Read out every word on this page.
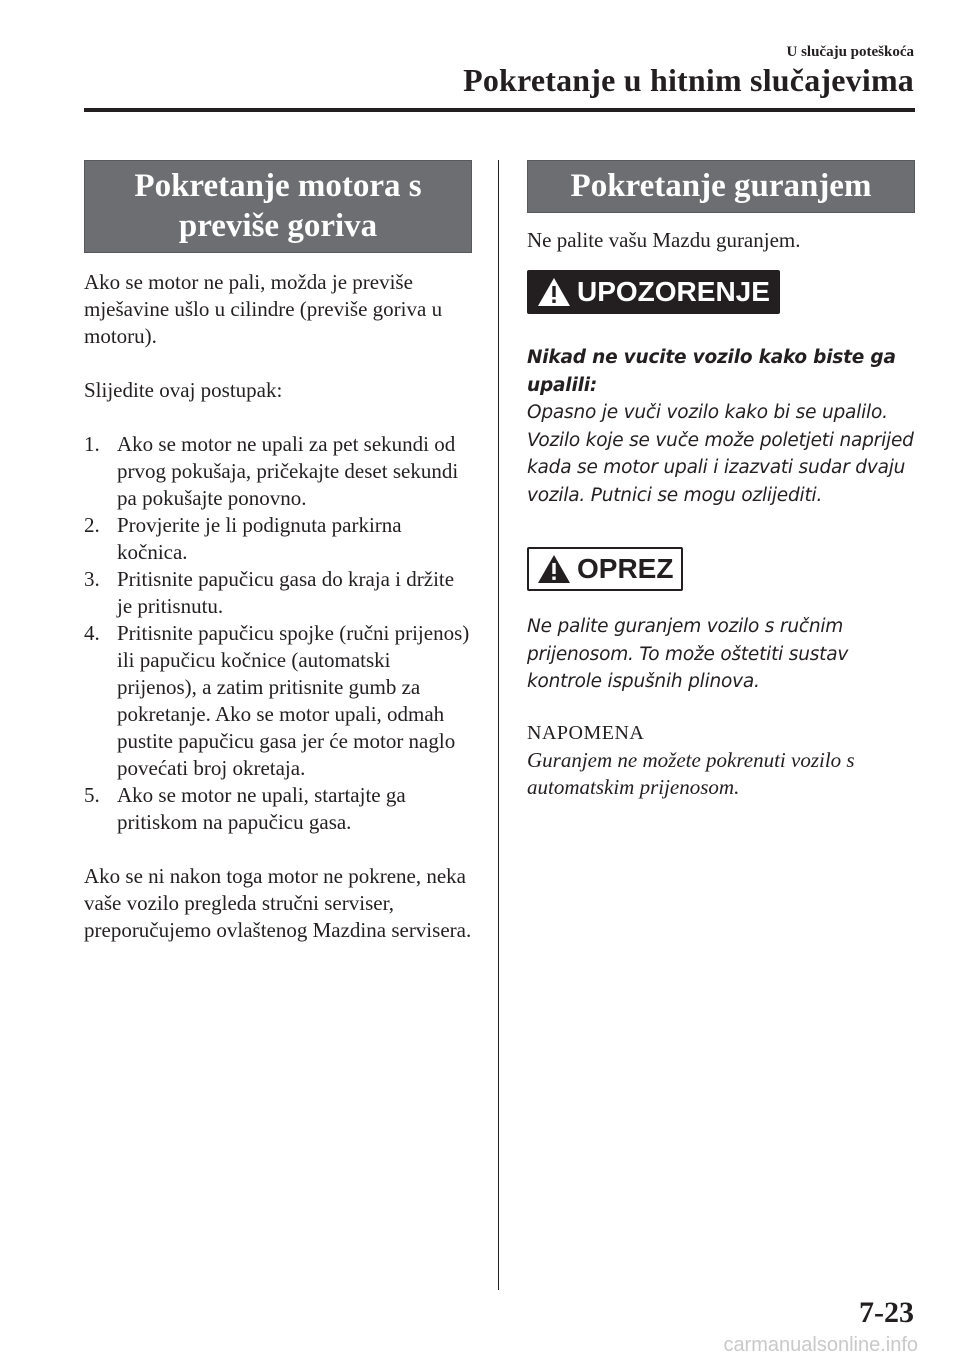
U slučaju poteškoća

Pokretanje u hitnim slučajevima
Pokretanje motora s
previše goriva

Ako se motor ne pali, možda je previše mješavine ušlo u cilindre (previše goriva u motoru).

Slijedite ovaj postupak:

1. Ako se motor ne upali za pet sekundi od prvog pokušaja, pričekajte deset sekundi pa pokušajte ponovno.
2. Provjerite je li podignuta parkirna kočnica.
3. Pritisnite papučicu gasa do kraja i držite je pritisnutu.
4. Pritisnite papučicu spojke (ručni prijenos) ili papučicu kočnice (automatski prijenos), a zatim pritisnite gumb za pokretanje. Ako se motor upali, odmah pustite papučicu gasa jer će motor naglo povećati broj okretaja.
5. Ako se motor ne upali, startajte ga pritiskom na papučicu gasa.

Ako se ni nakon toga motor ne pokrene, neka vaše vozilo pregleda stručni serviser, preporučujemo ovlaštenog Mazdina servisera.

Pokretanje guranjem

Ne palite vašu Mazdu guranjem.

UPOZORENJE

Nikad ne vucite vozilo kako biste ga upalili:
Opasno je vuči vozilo kako bi se upalilo. Vozilo koje se vuče može poletjeti naprijed kada se motor upali i izazvati sudar dvaju vozila. Putnici se mogu ozlijediti.

OPREZ

Ne palite guranjem vozilo s ručnim prijenosom. To može oštetiti sustav kontrole ispušnih plinova.

NAPOMENA

Guranjem ne možete pokrenuti vozilo s automatskim prijenosom.

7-23

carmanualsonline.info
